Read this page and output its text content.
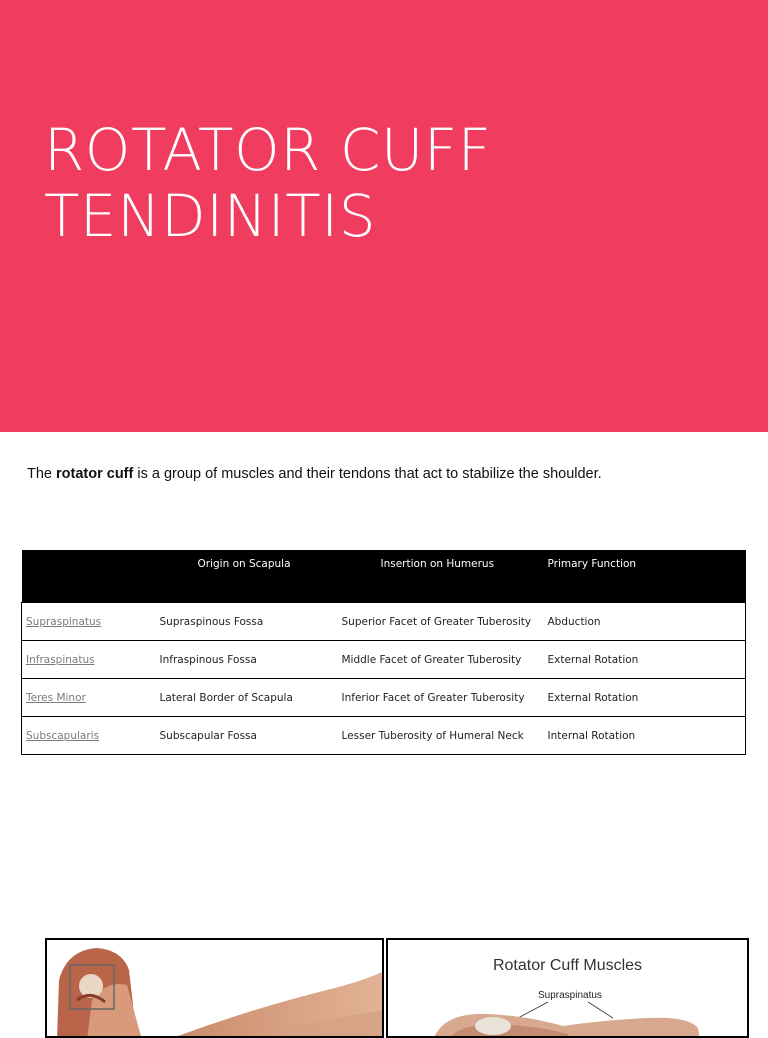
ROTATOR CUFF
TENDINITIS
The rotator cuff is a group of muscles and their tendons that act to stabilize the shoulder.
	Origin on Scapula	Insertion on Humerus	Primary Function
Supraspinatus	Supraspinous Fossa	Superior Facet of Greater Tuberosity	Abduction
Infraspinatus	Infraspinous Fossa	Middle Facet of Greater Tuberosity	External Rotation
Teres Minor	Lateral Border of Scapula	Inferior Facet of Greater Tuberosity	External Rotation
Subscapularis	Subscapular Fossa	Lesser Tuberosity of Humeral Neck	Internal Rotation
Rotator Cuff Muscles
Supraspinatus
